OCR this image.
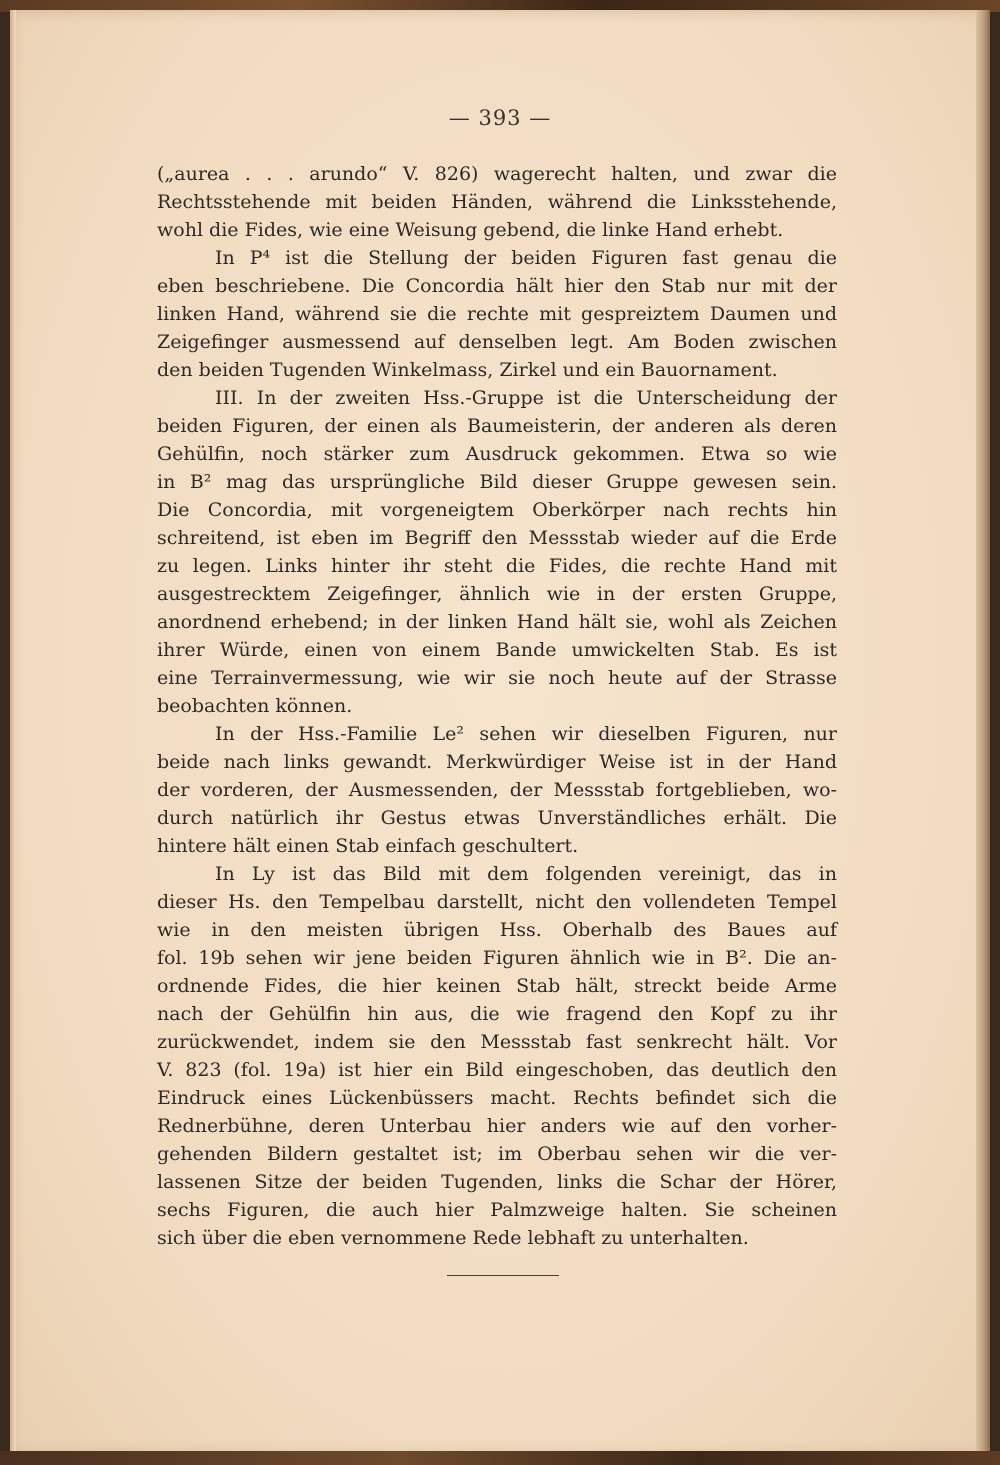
— 393 —
(„aurea . . . arundo“ V. 826) wagerecht halten, und zwar die
Rechtsstehende mit beiden Händen, während die Linksstehende,
wohl die Fides, wie eine Weisung gebend, die linke Hand erhebt.
In P⁴ ist die Stellung der beiden Figuren fast genau die
eben beschriebene. Die Concordia hält hier den Stab nur mit der
linken Hand, während sie die rechte mit gespreiztem Daumen und
Zeigefinger ausmessend auf denselben legt. Am Boden zwischen
den beiden Tugenden Winkelmass, Zirkel und ein Bauornament.
III. In der zweiten Hss.-Gruppe ist die Unterscheidung der
beiden Figuren, der einen als Baumeisterin, der anderen als deren
Gehülfin, noch stärker zum Ausdruck gekommen. Etwa so wie
in B² mag das ursprüngliche Bild dieser Gruppe gewesen sein.
Die Concordia, mit vorgeneigtem Oberkörper nach rechts hin
schreitend, ist eben im Begriff den Messstab wieder auf die Erde
zu legen. Links hinter ihr steht die Fides, die rechte Hand mit
ausgestrecktem Zeigefinger, ähnlich wie in der ersten Gruppe,
anordnend erhebend; in der linken Hand hält sie, wohl als Zeichen
ihrer Würde, einen von einem Bande umwickelten Stab. Es ist
eine Terrainvermessung, wie wir sie noch heute auf der Strasse
beobachten können.
In der Hss.-Familie Le² sehen wir dieselben Figuren, nur
beide nach links gewandt. Merkwürdiger Weise ist in der Hand
der vorderen, der Ausmessenden, der Messstab fortgeblieben, wo-
durch natürlich ihr Gestus etwas Unverständliches erhält. Die
hintere hält einen Stab einfach geschultert.
In Ly ist das Bild mit dem folgenden vereinigt, das in
dieser Hs. den Tempelbau darstellt, nicht den vollendeten Tempel
wie in den meisten übrigen Hss. Oberhalb des Baues auf
fol. 19b sehen wir jene beiden Figuren ähnlich wie in B². Die an-
ordnende Fides, die hier keinen Stab hält, streckt beide Arme
nach der Gehülfin hin aus, die wie fragend den Kopf zu ihr
zurückwendet, indem sie den Messstab fast senkrecht hält. Vor
V. 823 (fol. 19a) ist hier ein Bild eingeschoben, das deutlich den
Eindruck eines Lückenbüssers macht. Rechts befindet sich die
Rednerbühne, deren Unterbau hier anders wie auf den vorher-
gehenden Bildern gestaltet ist; im Oberbau sehen wir die ver-
lassenen Sitze der beiden Tugenden, links die Schar der Hörer,
sechs Figuren, die auch hier Palmzweige halten. Sie scheinen
sich über die eben vernommene Rede lebhaft zu unterhalten.
